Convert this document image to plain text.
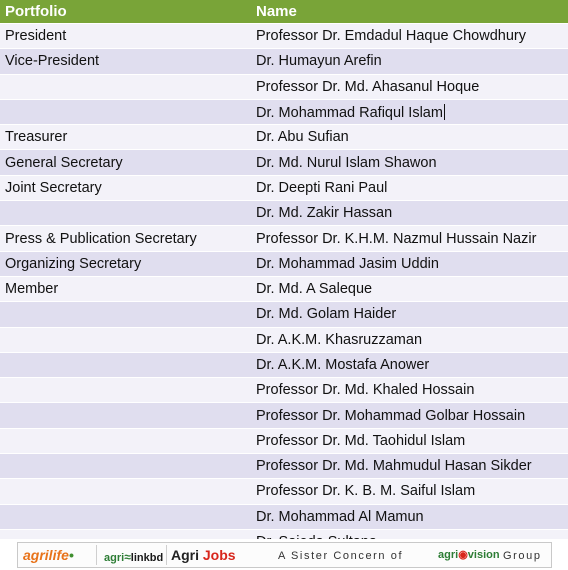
Portfolio	Name
President	Professor Dr. Emdadul Haque Chowdhury
Vice-President	Dr. Humayun Arefin
	Professor Dr. Md. Ahasanul Hoque
	Dr. Mohammad Rafiqul Islam
Treasurer	Dr. Abu Sufian
General Secretary	Dr. Md. Nurul Islam Shawon
Joint Secretary	Dr. Deepti Rani Paul
	Dr. Md. Zakir Hassan
Press & Publication Secretary	Professor Dr. K.H.M. Nazmul Hussain Nazir
Organizing Secretary	Dr. Mohammad Jasim Uddin
Member	Dr. Md. A Saleque
	Dr. Md. Golam Haider
	Dr. A.K.M. Khasruzzaman
	Dr. A.K.M. Mostafa Anower
	Professor Dr. Md. Khaled Hossain
	Professor Dr. Mohammad Golbar Hossain
	Professor Dr. Md. Taohidul Islam
	Professor Dr. Md. Mahmudul Hasan Sikder
	Professor Dr. K. B. M. Saiful Islam
	Dr. Mohammad Al Mamun

agrilife•	agri≈linkbd Agri Jobs	A Sister Concern of	agri◉vision Group
